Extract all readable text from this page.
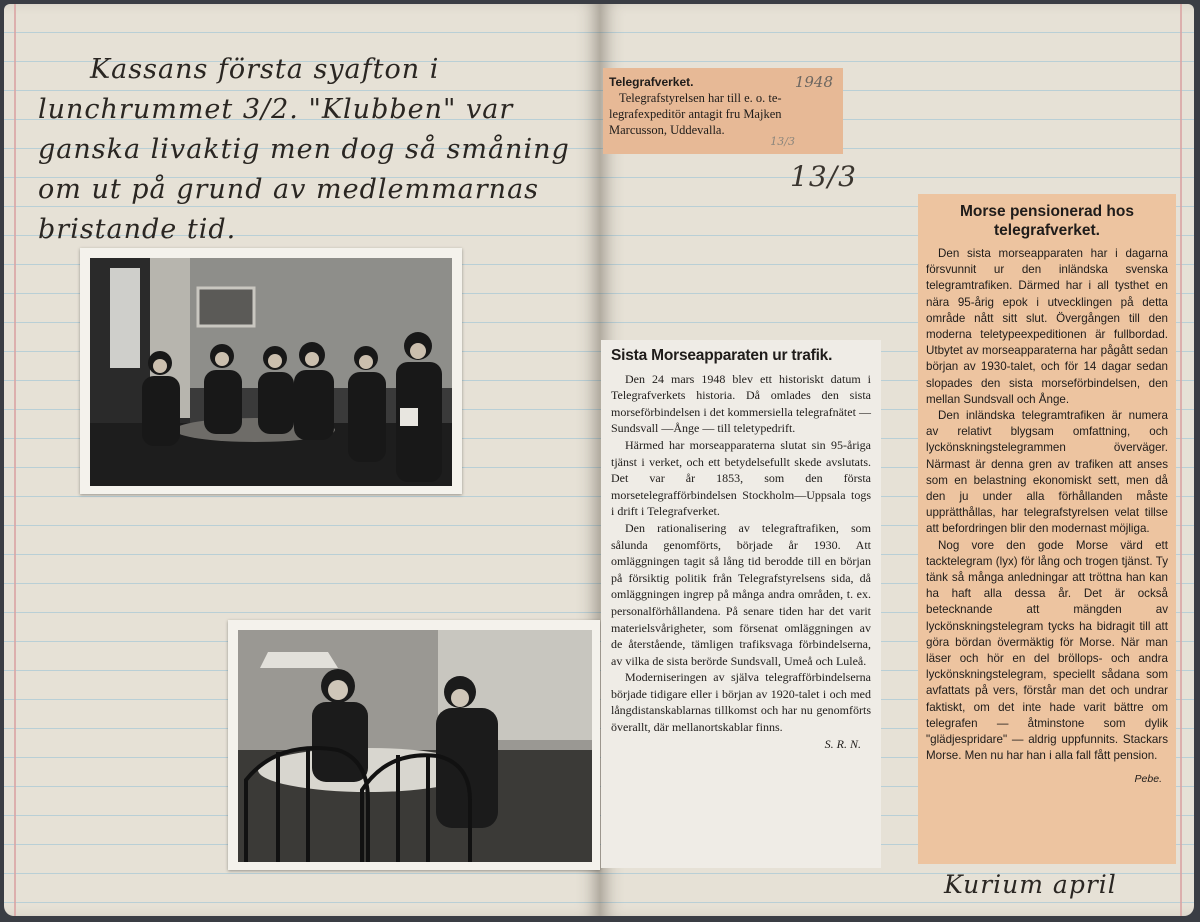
Kassans första syafton i
lunchrummet 3/2. "Klubben" var
ganska livaktig men dog så småning
om ut på grund av medlemmarnas
bristande tid.
Telegrafverket.	1948
Telegrafstyrelsen har till e. o. te-
legrafexpeditör antagit fru Majken
Marcusson, Uddevalla.
13/3
13/3
Sista Morseapparaten ur trafik.

Den 24 mars 1948 blev ett historiskt datum i Telegrafverkets historia. Då omlades den sista morseförbindelsen i det kommersiella telegrafnätet — Sundsvall —Ånge — till teletypedrift.

Härmed har morseapparaterna slutat sin 95-åriga tjänst i verket, och ett betydelsefullt skede avslutats. Det var år 1853, som den första morsetelegrafförbindelsen Stockholm—Uppsala togs i drift i Telegrafverket.

Den rationalisering av telegraftrafiken, som sålunda genomförts, började år 1930. Att omläggningen tagit så lång tid berodde till en början på försiktig politik från Telegrafstyrelsens sida, då omläggningen ingrep på många andra områden, t. ex. personalförhållandena. På senare tiden har det varit materielsvårigheter, som försenat omläggningen av de återstående, tämligen trafiksvaga förbindelserna, av vilka de sista berörde Sundsvall, Umeå och Luleå.

Moderniseringen av själva telegrafförbindelserna började tidigare eller i början av 1920-talet i och med långdistanskablarnas tillkomst och har nu genomförts överallt, där mellanortskablar finns.

S. R. N.
Morse pensionerad hos telegrafverket.

Den sista morseapparaten har i dagarna försvunnit ur den inländska svenska telegramtrafiken. Därmed har i all tysthet en nära 95-årig epok i utvecklingen på detta område nått sitt slut. Övergången till den moderna teletypeexpeditionen är fullbordad. Utbytet av morseapparaterna har pågått sedan början av 1930-talet, och för 14 dagar sedan slopades den sista morseförbindelsen, den mellan Sundsvall och Ånge.

Den inländska telegramtrafiken är numera av relativt blygsam omfattning, och lyckönskningstelegrammen överväger. Närmast är denna gren av trafiken att anses som en belastning ekonomiskt sett, men då den ju under alla förhållanden måste upprätthållas, har telegrafstyrelsen velat tillse att befordringen blir den modernast möjliga.

Nog vore den gode Morse värd ett tacktelegram (lyx) för lång och trogen tjänst. Ty tänk så många anledningar att tröttna han kan ha haft alla dessa år. Det är också betecknande att mängden av lyckönskningstelegram tycks ha bidragit till att göra bördan övermäktig för Morse. När man läser och hör en del bröllops- och andra lyckönskningstelegram, speciellt sådana som avfattats på vers, förstår man det och undrar faktiskt, om det inte hade varit bättre om telegrafen — åtminstone som dylik "glädjespridare" — aldrig uppfunnits. Stackars Morse. Men nu har han i alla fall fått pension.

Pebe.
Kurium april
